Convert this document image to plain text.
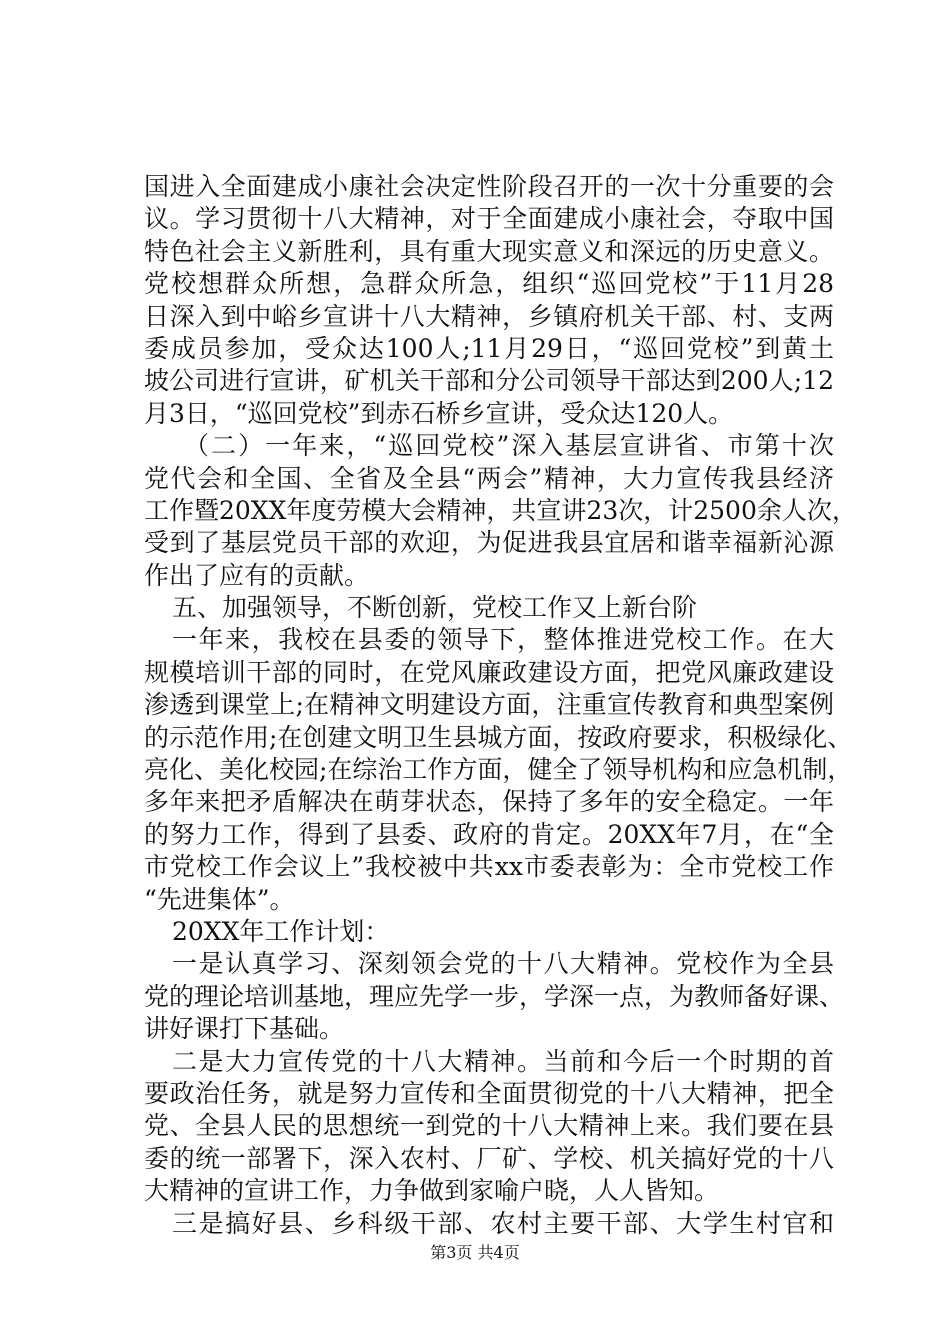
国进入全面建成小康社会决定性阶段召开的一次十分重要的会
议。学习贯彻十八大精神，对于全面建成小康社会，夺取中国
特色社会主义新胜利，具有重大现实意义和深远的历史意义。
党校想群众所想，急群众所急，组织“巡回党校”于11月28
日深入到中峪乡宣讲十八大精神，乡镇府机关干部、村、支两
委成员参加，受众达100人;11月29日，“巡回党校”到黄土
坡公司进行宣讲，矿机关干部和分公司领导干部达到200人;12
月3日，“巡回党校”到赤石桥乡宣讲，受众达120人。
（二）一年来，“巡回党校”深入基层宣讲省、市第十次
党代会和全国、全省及全县“两会”精神，大力宣传我县经济
工作暨20XX年度劳模大会精神，共宣讲23次，计2500余人次，
受到了基层党员干部的欢迎，为促进我县宜居和谐幸福新沁源
作出了应有的贡献。
五、加强领导，不断创新，党校工作又上新台阶
一年来，我校在县委的领导下，整体推进党校工作。在大
规模培训干部的同时，在党风廉政建设方面，把党风廉政建设
渗透到课堂上;在精神文明建设方面，注重宣传教育和典型案例
的示范作用;在创建文明卫生县城方面，按政府要求，积极绿化、
亮化、美化校园;在综治工作方面，健全了领导机构和应急机制，
多年来把矛盾解决在萌芽状态，保持了多年的安全稳定。一年
的努力工作，得到了县委、政府的肯定。20XX年7月，在“全
市党校工作会议上”我校被中共xx市委表彰为：全市党校工作
“先进集体”。
20XX年工作计划：
一是认真学习、深刻领会党的十八大精神。党校作为全县
党的理论培训基地，理应先学一步，学深一点，为教师备好课、
讲好课打下基础。
二是大力宣传党的十八大精神。当前和今后一个时期的首
要政治任务，就是努力宣传和全面贯彻党的十八大精神，把全
党、全县人民的思想统一到党的十八大精神上来。我们要在县
委的统一部署下，深入农村、厂矿、学校、机关搞好党的十八
大精神的宣讲工作，力争做到家喻户晓，人人皆知。
三是搞好县、乡科级干部、农村主要干部、大学生村官和
第3页 共4页
